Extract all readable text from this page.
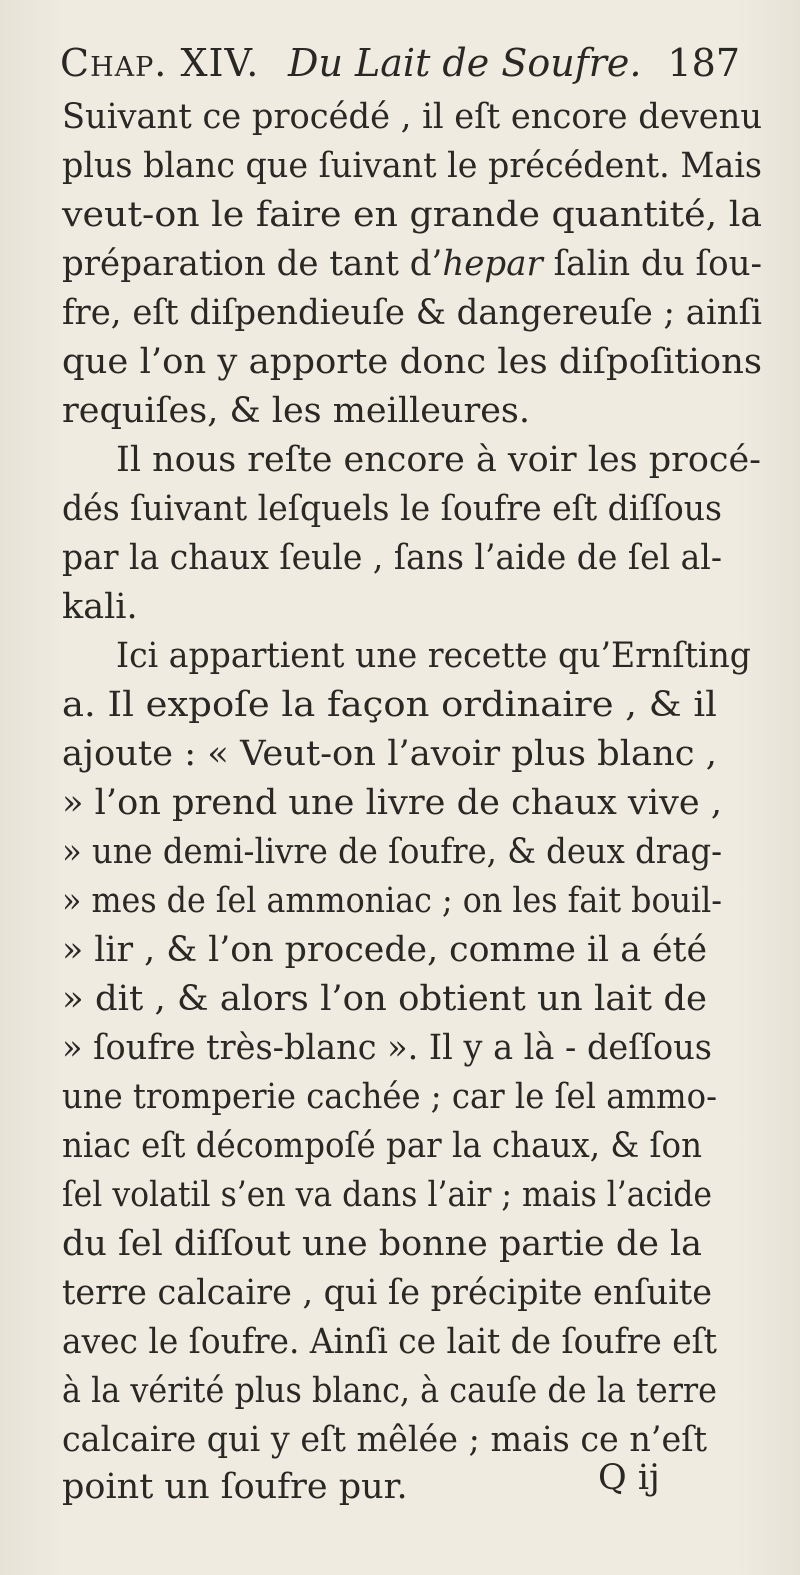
Chap. XIV. Du Lait de Soufre. 187
Suivant ce procédé , il eſt encore devenu
plus blanc que ſuivant le précédent. Mais
veut-on le faire en grande quantité, la
préparation de tant d’hepar ſalin du ſou-
fre, eſt diſpendieuſe & dangereuſe ; ainſi
que l’on y apporte donc les diſpoſitions
requiſes, & les meilleures.
Il nous reſte encore à voir les procé-
dés ſuivant leſquels le ſoufre eſt diſſous
par la chaux ſeule , ſans l’aide de ſel al-
kali.
Ici appartient une recette qu’Ernſting
a. Il expoſe la façon ordinaire , & il
ajoute : « Veut-on l’avoir plus blanc ,
» l’on prend une livre de chaux vive ,
» une demi-livre de ſoufre, & deux drag-
» mes de ſel ammoniac ; on les fait bouil-
» lir , & l’on procede, comme il a été
» dit , & alors l’on obtient un lait de
» ſoufre très-blanc ». Il y a là - deſſous
une tromperie cachée ; car le ſel ammo-
niac eſt décompoſé par la chaux, & ſon
ſel volatil s’en va dans l’air ; mais l’acide
du ſel diſſout une bonne partie de la
terre calcaire , qui ſe précipite enſuite
avec le ſoufre. Ainſi ce lait de ſoufre eſt
à la vérité plus blanc, à cauſe de la terre
calcaire qui y eſt mêlée ; mais ce n’eſt
point un ſoufre pur.	Q ij
